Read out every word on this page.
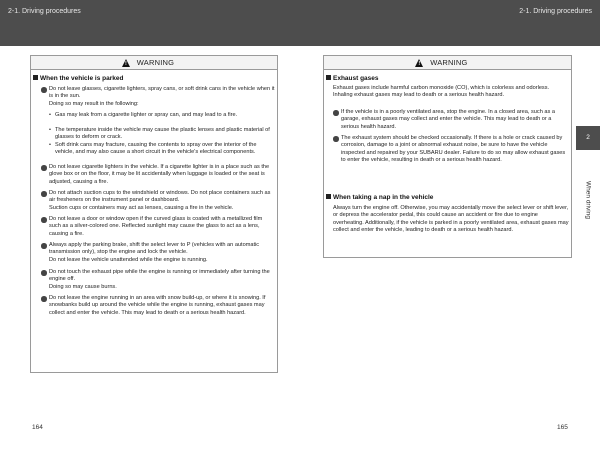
2-1. Driving procedures	2-1. Driving procedures
2
When driving
! WARNING
When the vehicle is parked
Do not leave glasses, cigarette lighters, spray cans, or soft drink cans in the vehicle when it is in the sun.
Doing so may result in the following:
• Gas may leak from a cigarette lighter or spray can, and may lead to a fire.
• The temperature inside the vehicle may cause the plastic lenses and plastic material of glasses to deform or crack.
• Soft drink cans may fracture, causing the contents to spray over the interior of the vehicle, and may also cause a short circuit in the vehicle's electrical components.
Do not leave cigarette lighters in the vehicle. If a cigarette lighter is in a place such as the glove box or on the floor, it may be lit accidentally when luggage is loaded or the seat is adjusted, causing a fire.
Do not attach suction cups to the windshield or windows. Do not place containers such as air fresheners on the instrument panel or dashboard.
Suction cups or containers may act as lenses, causing a fire in the vehicle.
Do not leave a door or window open if the curved glass is coated with a metallized film such as a silver-colored one. Reflected sunlight may cause the glass to act as a lens, causing a fire.
Always apply the parking brake, shift the select lever to P (vehicles with an automatic transmission only), stop the engine and lock the vehicle.
Do not leave the vehicle unattended while the engine is running.
Do not touch the exhaust pipe while the engine is running or immediately after turning the engine off.
Doing so may cause burns.
Do not leave the engine running in an area with snow build-up, or where it is snowing. If snowbanks build up around the vehicle while the engine is running, exhaust gases may collect and enter the vehicle. This may lead to death or a serious health hazard.
! WARNING
Exhaust gases
Exhaust gases include harmful carbon monoxide (CO), which is colorless and odorless. Inhaling exhaust gases may lead to death or a serious health hazard.
If the vehicle is in a poorly ventilated area, stop the engine. In a closed area, such as a garage, exhaust gases may collect and enter the vehicle. This may lead to death or a serious health hazard.
The exhaust system should be checked occasionally. If there is a hole or crack caused by corrosion, damage to a joint or abnormal exhaust noise, be sure to have the vehicle inspected and repaired by your SUBARU dealer. Failure to do so may allow exhaust gases to enter the vehicle, resulting in death or a serious health hazard.
When taking a nap in the vehicle
Always turn the engine off. Otherwise, you may accidentally move the select lever or shift lever, or depress the accelerator pedal, this could cause an accident or fire due to engine overheating. Additionally, if the vehicle is parked in a poorly ventilated area, exhaust gases may collect and enter the vehicle, leading to death or a serious health hazard.
164	165
